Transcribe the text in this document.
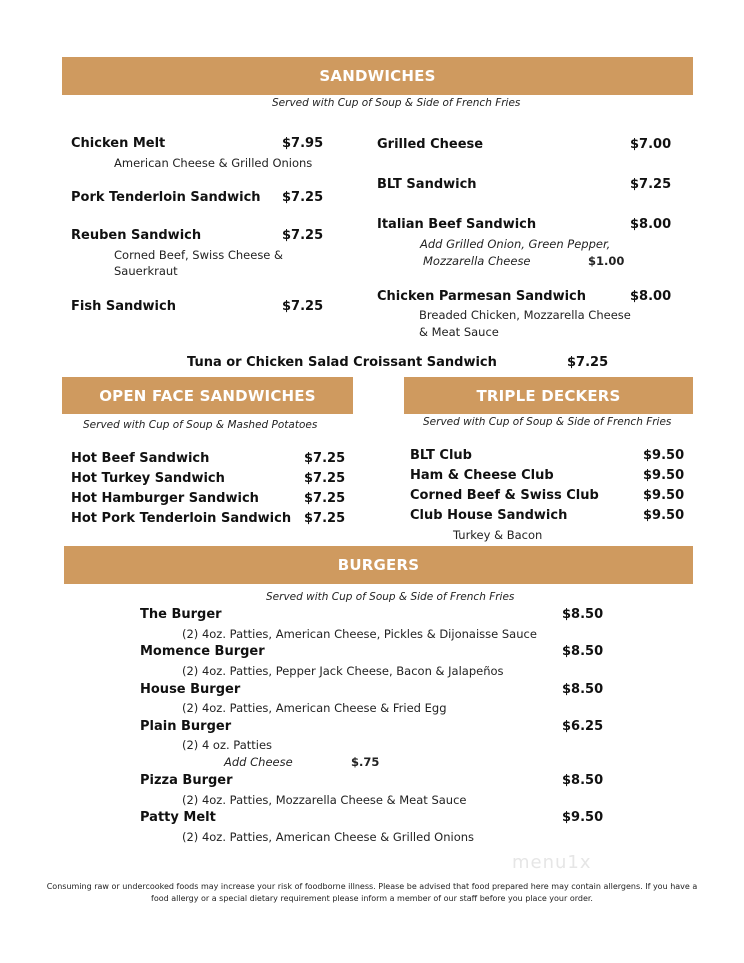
SANDWICHES
Served with Cup of Soup & Side of French Fries
Chicken Melt	$7.95
American Cheese & Grilled Onions
Pork Tenderloin Sandwich $7.25
Reuben Sandwich	$7.25
Corned Beef, Swiss Cheese &
Sauerkraut
Fish Sandwich	$7.25
Grilled Cheese	$7.00
BLT Sandwich	$7.25
Italian Beef Sandwich	$8.00
Add Grilled Onion, Green Pepper,
Mozzarella Cheese	$1.00
Chicken Parmesan Sandwich	$8.00
Breaded Chicken, Mozzarella Cheese
& Meat Sauce
Tuna or Chicken Salad Croissant Sandwich	$7.25
OPEN FACE SANDWICHES
Served with Cup of Soup & Mashed Potatoes
Hot Beef Sandwich	$7.25
Hot Turkey Sandwich	$7.25
Hot Hamburger Sandwich	$7.25
Hot Pork Tenderloin Sandwich $7.25
TRIPLE DECKERS
Served with Cup of Soup & Side of French Fries
BLT Club	$9.50
Ham & Cheese Club	$9.50
Corned Beef & Swiss Club	$9.50
Club House Sandwich	$9.50
Turkey & Bacon
BURGERS
Served with Cup of Soup & Side of French Fries
The Burger	$8.50
(2) 4oz. Patties, American Cheese, Pickles & Dijonaisse Sauce
Momence Burger	$8.50
(2) 4oz. Patties, Pepper Jack Cheese, Bacon & Jalapeños
House Burger	$8.50
(2) 4oz. Patties, American Cheese & Fried Egg
Plain Burger	$6.25
(2) 4 oz. Patties
Add Cheese	$.75
Pizza Burger	$8.50
(2) 4oz. Patties, Mozzarella Cheese & Meat Sauce
Patty Melt	$9.50
(2) 4oz. Patties, American Cheese & Grilled Onions
menu1x
Consuming raw or undercooked foods may increase your risk of foodborne illness. Please be advised that food prepared here may contain allergens. If you have a food allergy or a special dietary requirement please inform a member of our staff before you place your order.
